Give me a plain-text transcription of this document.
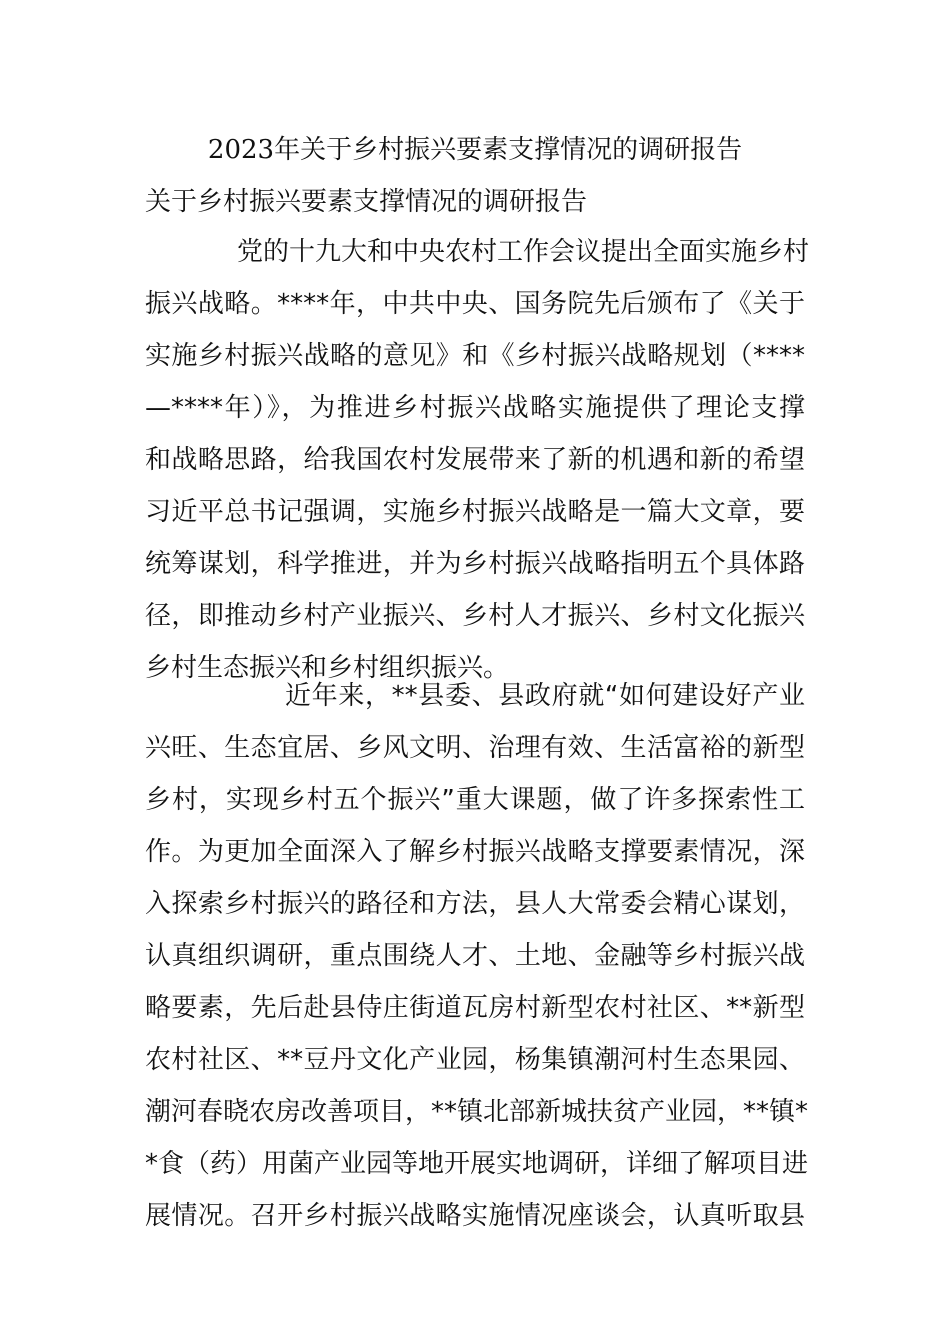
2023年关于乡村振兴要素支撑情况的调研报告
关于乡村振兴要素支撑情况的调研报告
党的十九大和中央农村工作会议提出全面实施乡村
振兴战略。****年，中共中央、国务院先后颁布了《关于
实施乡村振兴战略的意见》和《乡村振兴战略规划（****
—****年）》，为推进乡村振兴战略实施提供了理论支撑
和战略思路，给我国农村发展带来了新的机遇和新的希望
习近平总书记强调，实施乡村振兴战略是一篇大文章，要
统筹谋划，科学推进，并为乡村振兴战略指明五个具体路
径，即推动乡村产业振兴、乡村人才振兴、乡村文化振兴
乡村生态振兴和乡村组织振兴。
近年来，**县委、县政府就“如何建设好产业
兴旺、生态宜居、乡风文明、治理有效、生活富裕的新型
乡村，实现乡村五个振兴”重大课题，做了许多探索性工
作。为更加全面深入了解乡村振兴战略支撑要素情况，深
入探索乡村振兴的路径和方法，县人大常委会精心谋划，
认真组织调研，重点围绕人才、土地、金融等乡村振兴战
略要素，先后赴县侍庄街道瓦房村新型农村社区、**新型
农村社区、**豆丹文化产业园，杨集镇潮河村生态果园、
潮河春晓农房改善项目，**镇北部新城扶贫产业园，**镇*
*食（药）用菌产业园等地开展实地调研，详细了解项目进
展情况。召开乡村振兴战略实施情况座谈会，认真听取县
